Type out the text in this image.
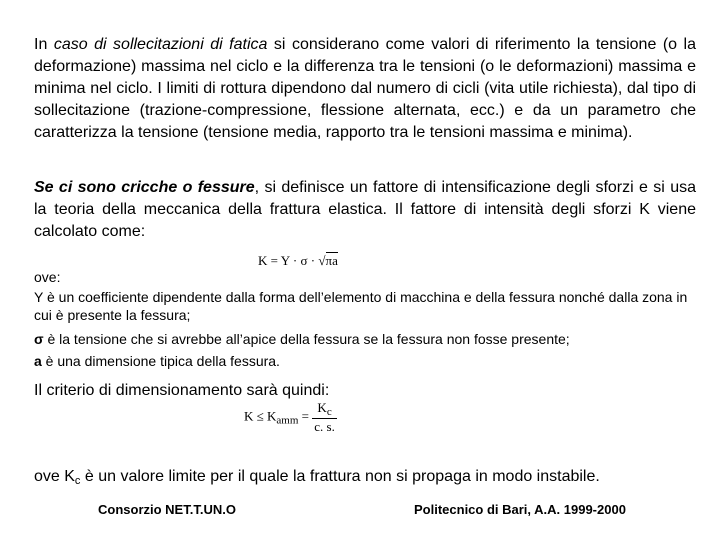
In caso di sollecitazioni di fatica si considerano come valori di riferimento la tensione (o la deformazione) massima nel ciclo e la differenza tra le tensioni (o le deformazioni) massima e minima nel ciclo. I limiti di rottura dipendono dal numero di cicli (vita utile richiesta), dal tipo di sollecitazione (trazione-compressione, flessione alternata, ecc.) e da un parametro che caratterizza la tensione (tensione media, rapporto tra le tensioni massima e minima).

Se ci sono cricche o fessure, si definisce un fattore di intensificazione degli sforzi e si usa la teoria della meccanica della frattura elastica. Il fattore di intensità degli sforzi K viene calcolato come:

K = Y · σ · √πa
ove:
Y è un coefficiente dipendente dalla forma dell’elemento di macchina e della fessura nonché dalla zona in cui è presente la fessura;
σ è la tensione che si avrebbe all’apice della fessura se la fessura non fosse presente;
a è una dimensione tipica della fessura.

Il criterio di dimensionamento sarà quindi:

$K \le K_{amm} = \frac{K_c}{c. s.}$

ove $K_c$ è un valore limite per il quale la frattura non si propaga in modo instabile.

Consorzio NET.T.UN.O	Politecnico di Bari, A.A. 1999-2000
